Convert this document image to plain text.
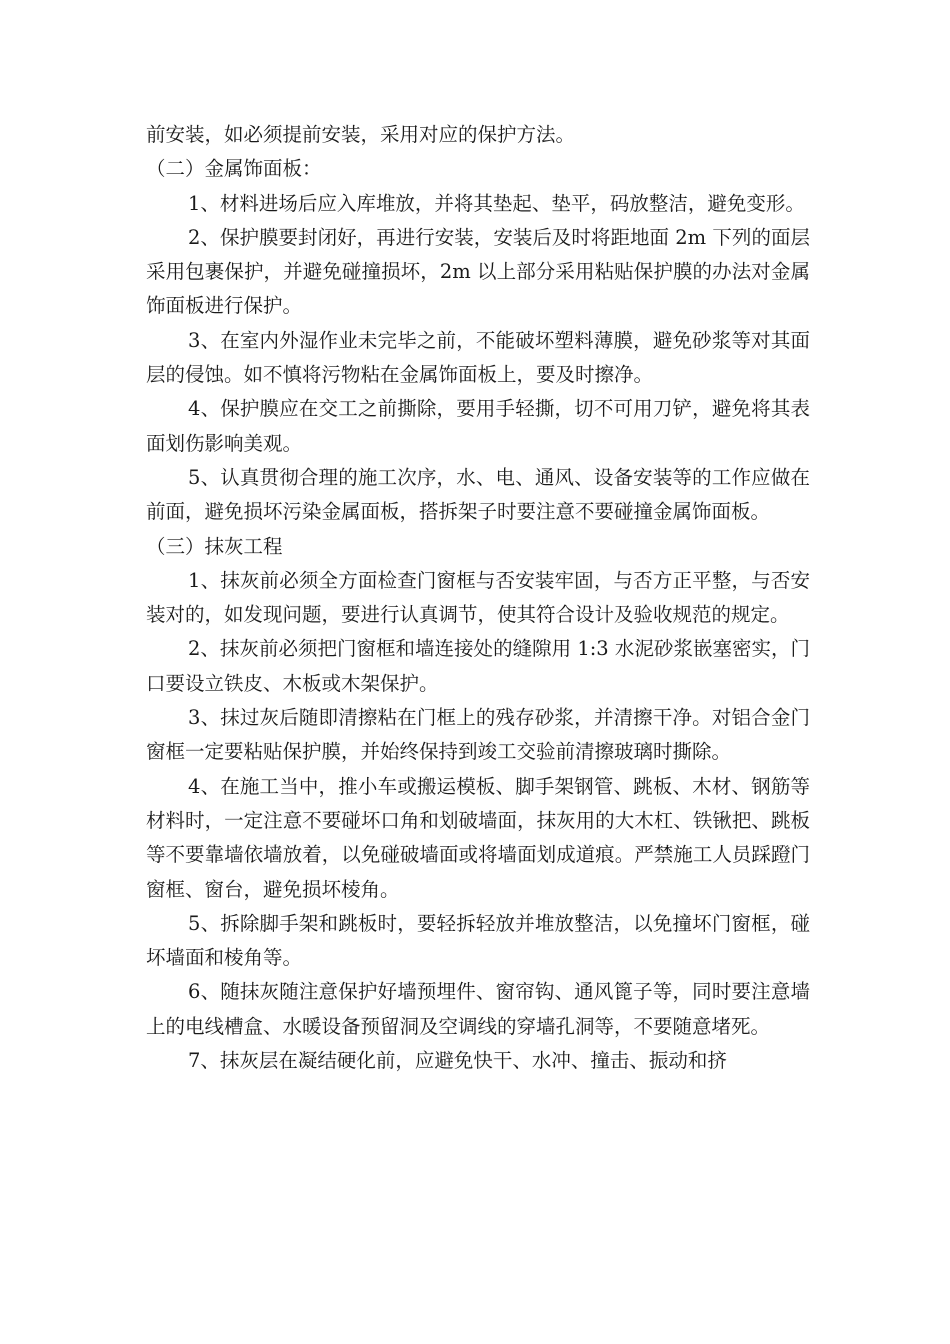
前安装，如必须提前安装，采用对应的保护方法。

（二）金属饰面板：

1、材料进场后应入库堆放，并将其垫起、垫平，码放整洁，避免变形。

2、保护膜要封闭好，再进行安装，安装后及时将距地面 2m 下列的面层采用包裹保护，并避免碰撞损坏，2m 以上部分采用粘贴保护膜的办法对金属饰面板进行保护。

3、在室内外湿作业未完毕之前，不能破坏塑料薄膜，避免砂浆等对其面层的侵蚀。如不慎将污物粘在金属饰面板上，要及时擦净。

4、保护膜应在交工之前撕除，要用手轻撕，切不可用刀铲，避免将其表面划伤影响美观。

5、认真贯彻合理的施工次序，水、电、通风、设备安装等的工作应做在前面，避免损坏污染金属面板，搭拆架子时要注意不要碰撞金属饰面板。

（三）抹灰工程

1、抹灰前必须全方面检查门窗框与否安装牢固，与否方正平整，与否安装对的，如发现问题，要进行认真调节，使其符合设计及验收规范的规定。

2、抹灰前必须把门窗框和墙连接处的缝隙用 1:3 水泥砂浆嵌塞密实，门口要设立铁皮、木板或木架保护。

3、抹过灰后随即清擦粘在门框上的残存砂浆，并清擦干净。对铝合金门窗框一定要粘贴保护膜，并始终保持到竣工交验前清擦玻璃时撕除。

4、在施工当中，推小车或搬运模板、脚手架钢管、跳板、木材、钢筋等材料时，一定注意不要碰坏口角和划破墙面，抹灰用的大木杠、铁锹把、跳板等不要靠墙依墙放着，以免碰破墙面或将墙面划成道痕。严禁施工人员踩蹬门窗框、窗台，避免损坏棱角。

5、拆除脚手架和跳板时，要轻拆轻放并堆放整洁，以免撞坏门窗框，碰坏墙面和棱角等。

6、随抹灰随注意保护好墙预埋件、窗帘钩、通风篦子等，同时要注意墙上的电线槽盒、水暖设备预留洞及空调线的穿墙孔洞等，不要随意堵死。

7、抹灰层在凝结硬化前，应避免快干、水冲、撞击、振动和挤
